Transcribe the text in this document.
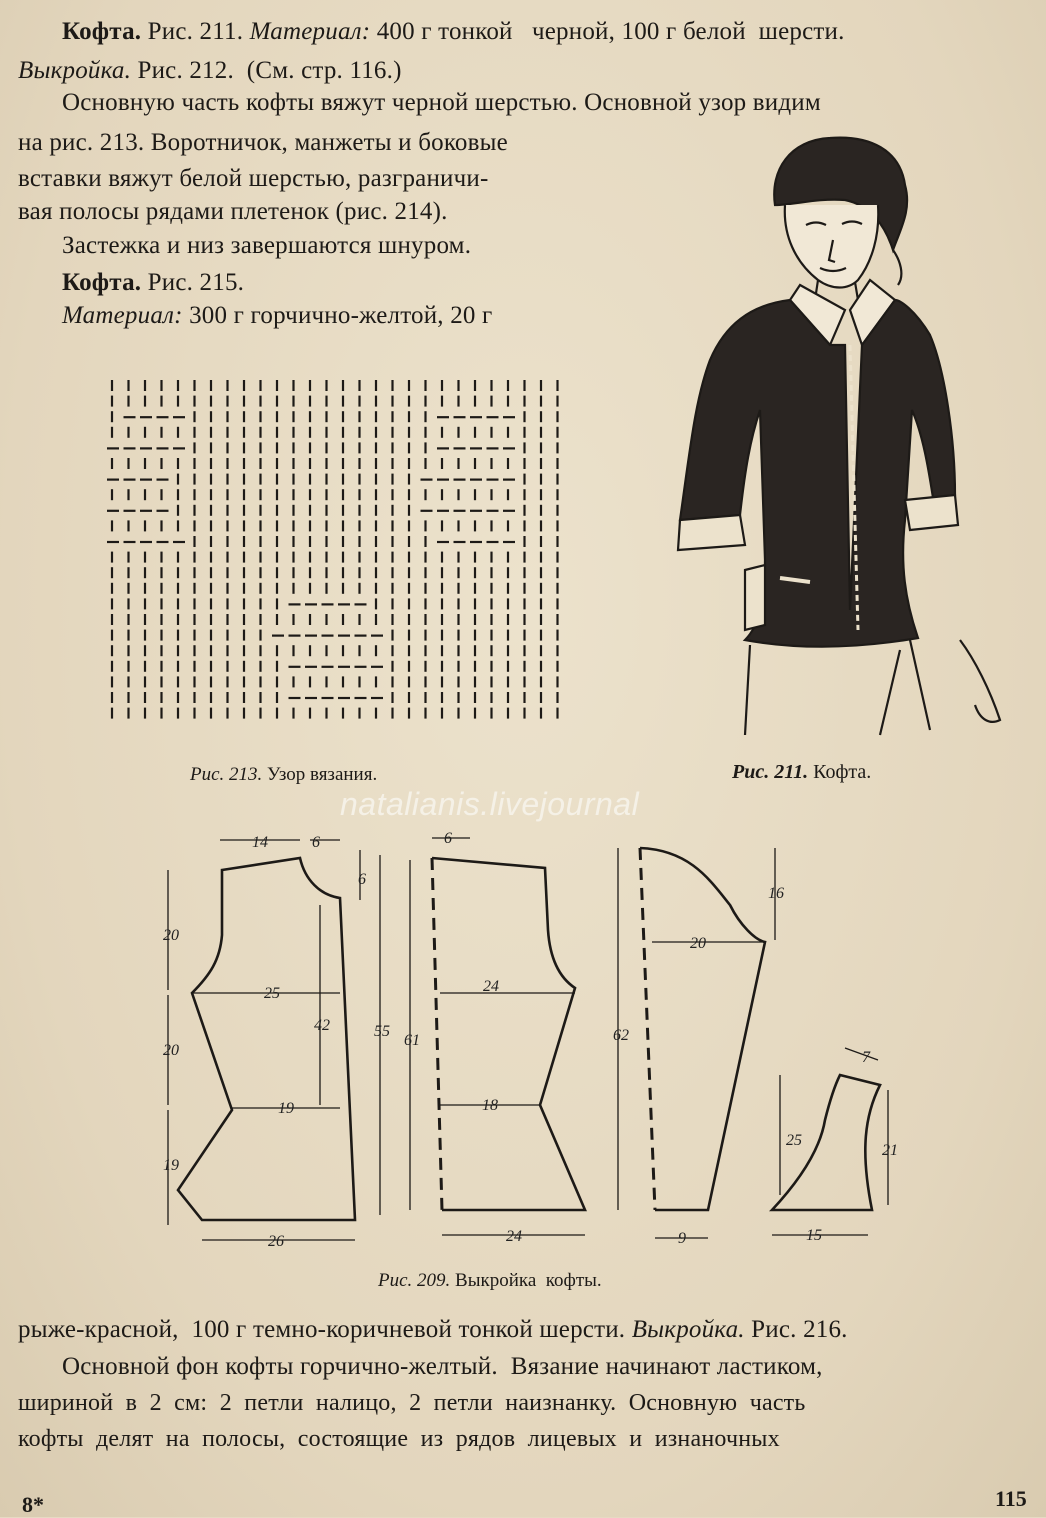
Кофта. Рис. 211. Материал: 400 г тонкой   черной, 100 г белой  шерсти.
Выкройка. Рис. 212.  (См. стр. 116.)
Основную часть кофты вяжут черной шерстью. Основной узор видим
на рис. 213. Воротничок, манжеты и боковые
вставки вяжут белой шерстью, разграничи-
вая полосы рядами плетенок (рис. 214).
Застежка и низ завершаются шнуром.
Кофта. Рис. 215.
Материал: 300 г горчично-желтой, 20 г
Рис. 213. Узор вязания.	Рис. 211. Кофта.
natalianis.livejournal
14	6
6
20
25
42	55
20
19
19
26
6
24
61
18
24
16
20
62
9
7
25
21
15
Рис. 209. Выкройка  кофты.
рыже-красной,  100 г темно-коричневой тонкой шерсти. Выкройка. Рис. 216.
Основной фон кофты горчично-желтый.  Вязание начинают ластиком,
шириной  в  2  см:  2  петли  налицо,  2  петли  наизнанку.  Основную  часть
кофты  делят  на  полосы,  состоящие  из  рядов  лицевых  и  изнаночных
8*	115
